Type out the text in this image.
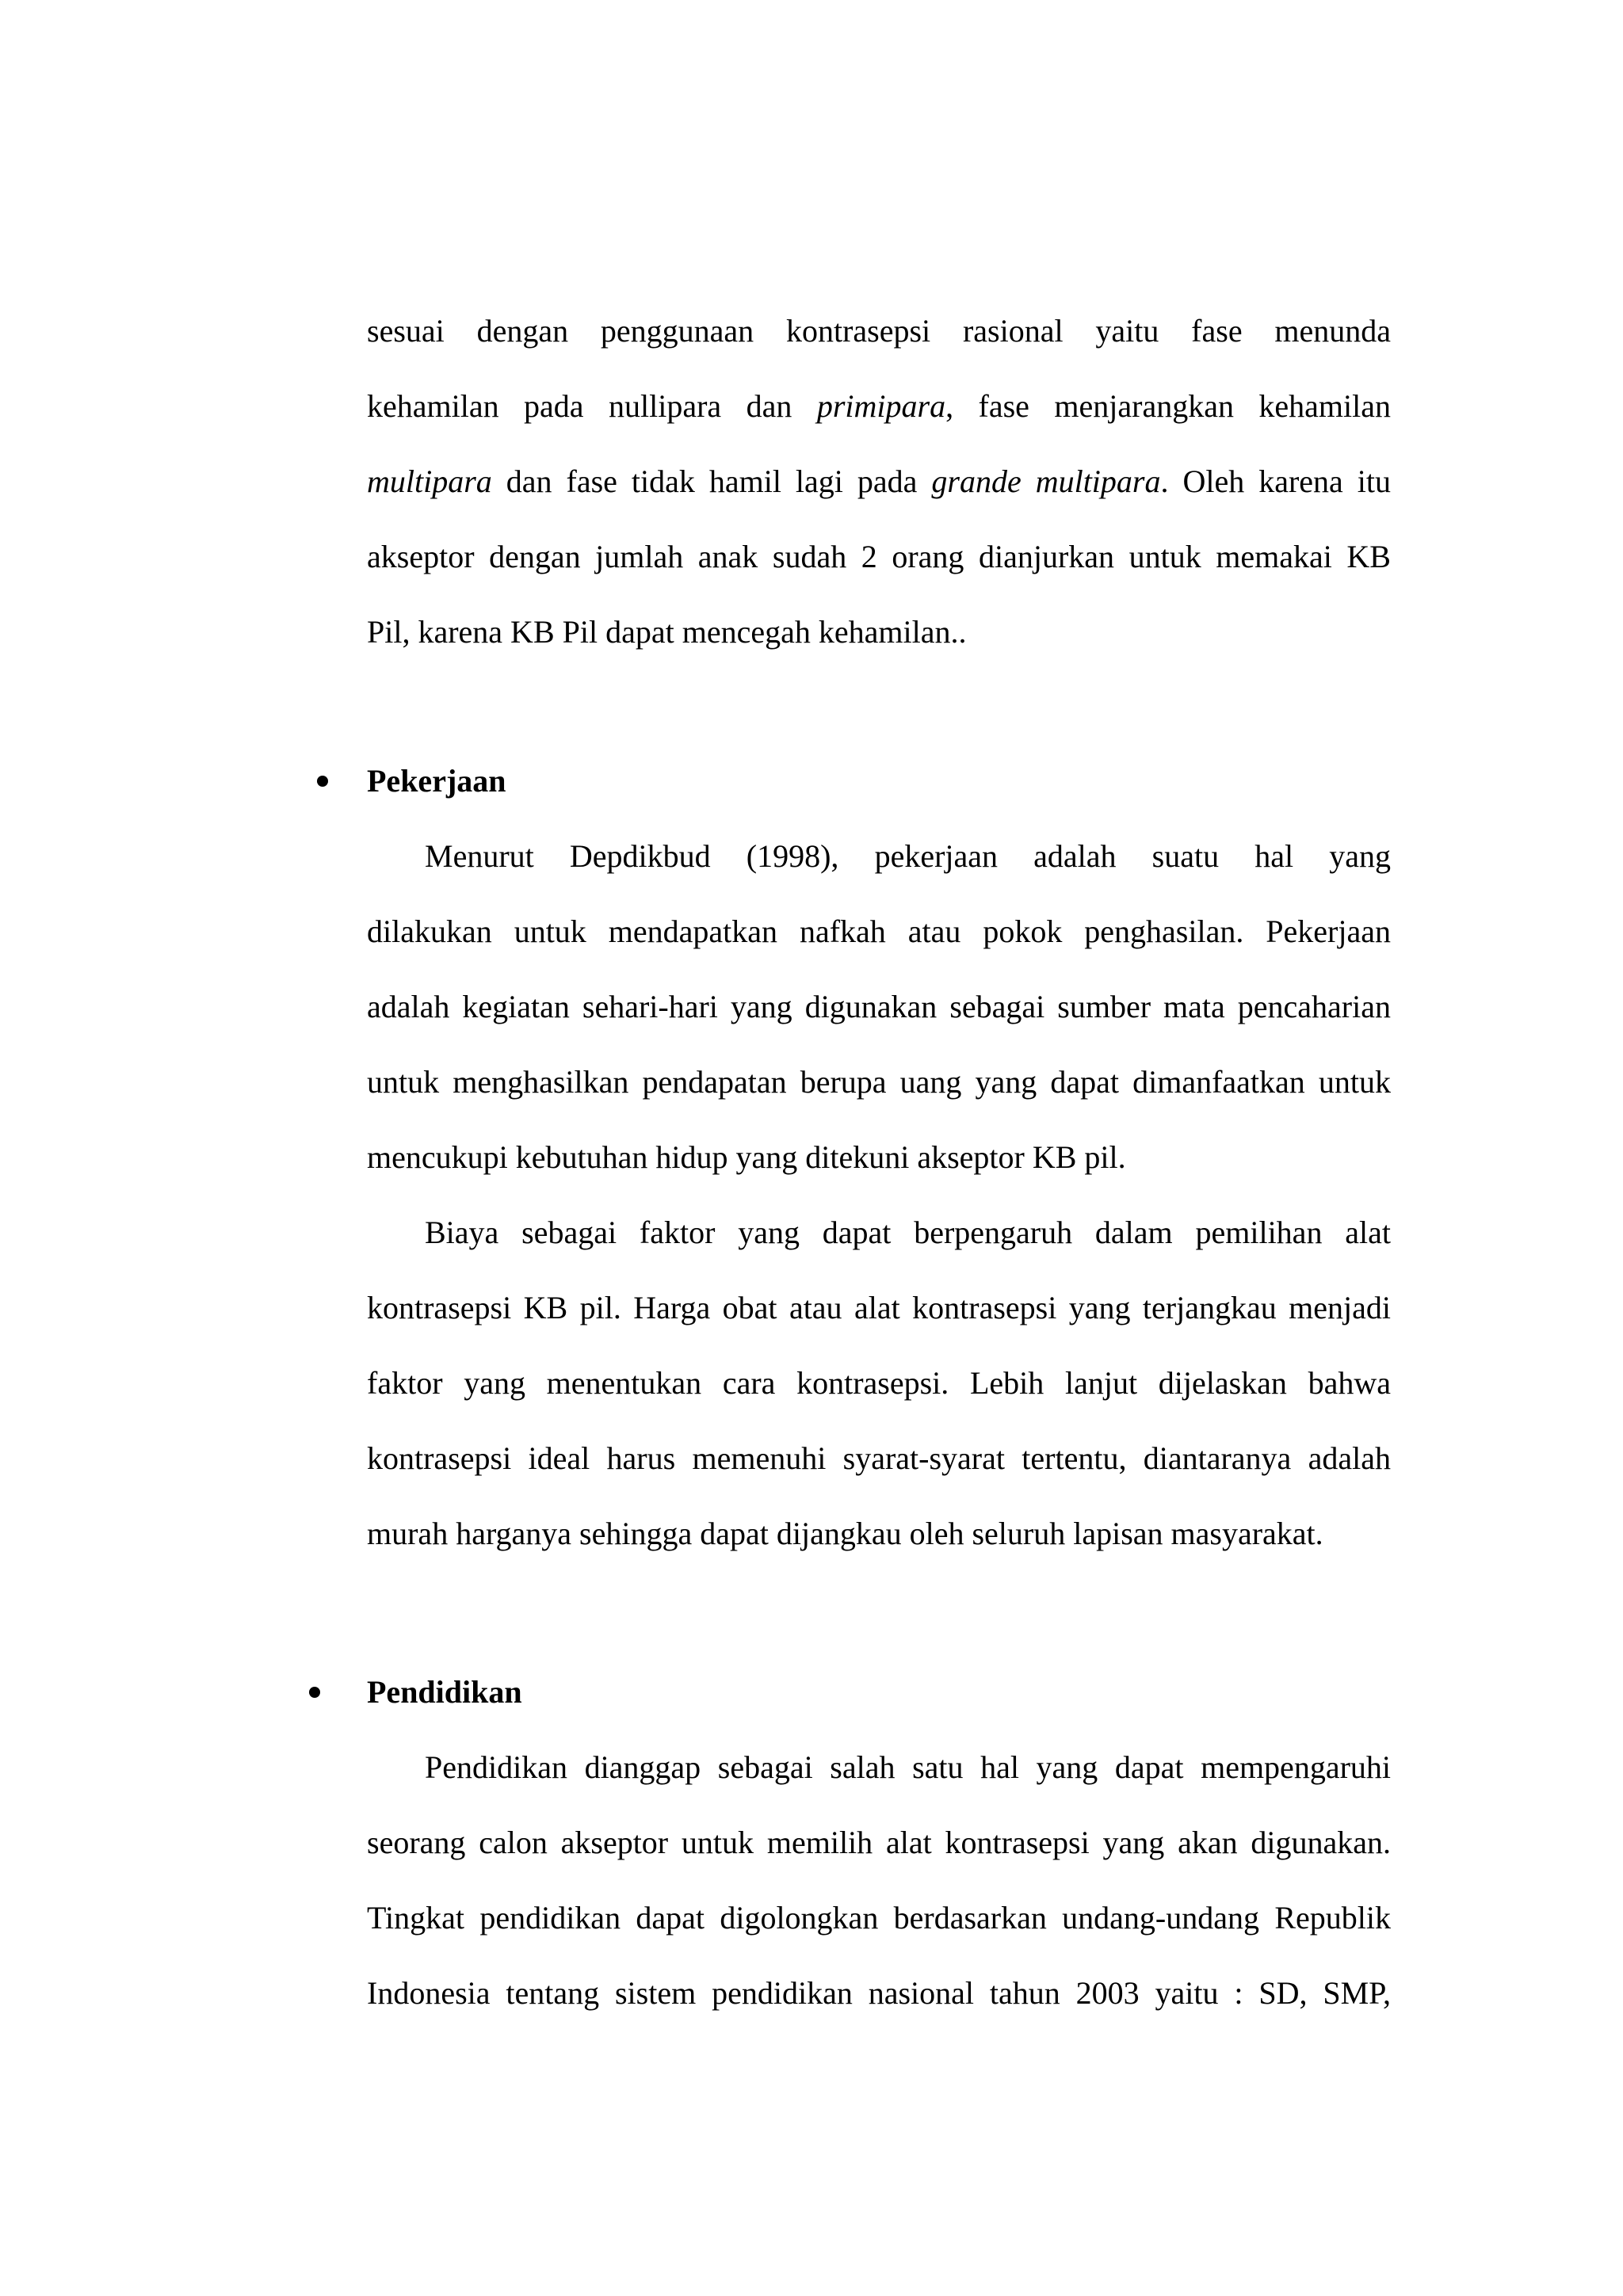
sesuai dengan penggunaan kontrasepsi rasional yaitu fase menunda
kehamilan pada nullipara dan primipara, fase menjarangkan kehamilan
multipara dan fase tidak hamil lagi pada grande multipara. Oleh karena itu
akseptor dengan jumlah anak sudah 2 orang dianjurkan untuk memakai KB
Pil, karena KB Pil dapat mencegah kehamilan..
Pekerjaan
Menurut Depdikbud (1998), pekerjaan adalah suatu hal yang
dilakukan untuk mendapatkan nafkah atau pokok penghasilan. Pekerjaan
adalah kegiatan sehari-hari yang digunakan sebagai sumber mata pencaharian
untuk menghasilkan pendapatan berupa uang yang dapat dimanfaatkan untuk
mencukupi kebutuhan hidup yang ditekuni akseptor KB pil.
Biaya sebagai faktor yang dapat berpengaruh dalam pemilihan alat
kontrasepsi KB pil. Harga obat atau alat kontrasepsi yang terjangkau menjadi
faktor yang menentukan cara kontrasepsi. Lebih lanjut dijelaskan bahwa
kontrasepsi ideal harus memenuhi syarat-syarat tertentu, diantaranya adalah
murah harganya sehingga dapat dijangkau oleh seluruh lapisan masyarakat.
Pendidikan
Pendidikan dianggap sebagai salah satu hal yang dapat mempengaruhi
seorang calon akseptor untuk memilih alat kontrasepsi yang akan digunakan.
Tingkat pendidikan dapat digolongkan berdasarkan undang-undang Republik
Indonesia tentang sistem pendidikan nasional tahun 2003 yaitu : SD, SMP,
